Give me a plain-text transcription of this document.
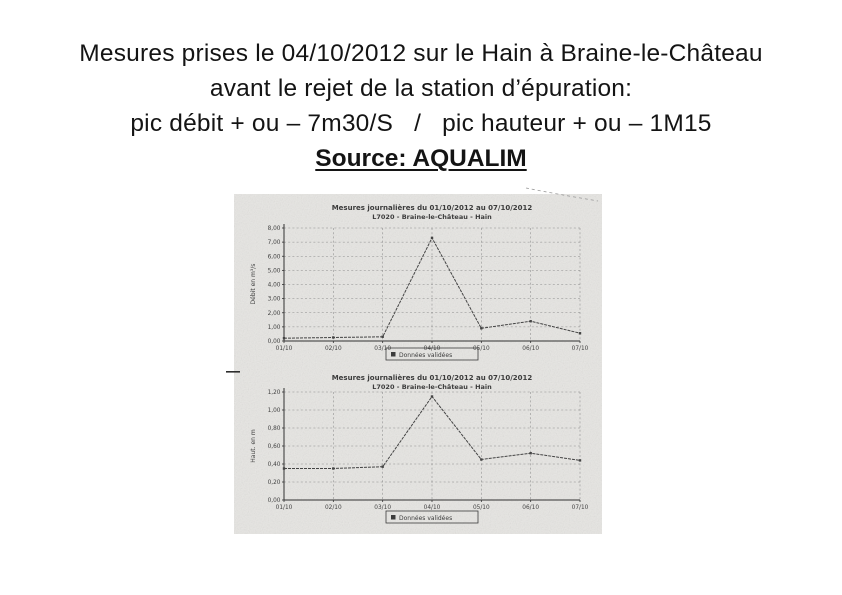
Mesures prises le 04/10/2012 sur le Hain à Braine-le-Château
avant le rejet de la station d’épuration:
pic débit + ou – 7m30/S   /   pic hauteur + ou – 1M15
Source: AQUALIM
Mesures journalières du 01/10/2012 au 07/10/2012
L7020 - Braine-le-Château - Hain
Débit en m³/s
8,00
7,00
6,00
5,00
4,00
3,00
2,00
1,00
0,00
01/10	02/10	03/10	04/10	05/10	06/10	07/10
Données validées
Mesures journalières du 01/10/2012 au 07/10/2012
L7020 - Braine-le-Château - Hain
Haut. en m
1,20
1,00
0,80
0,60
0,40
0,20
0,00
01/10	02/10	03/10	04/10	05/10	06/10	07/10
Données validées
